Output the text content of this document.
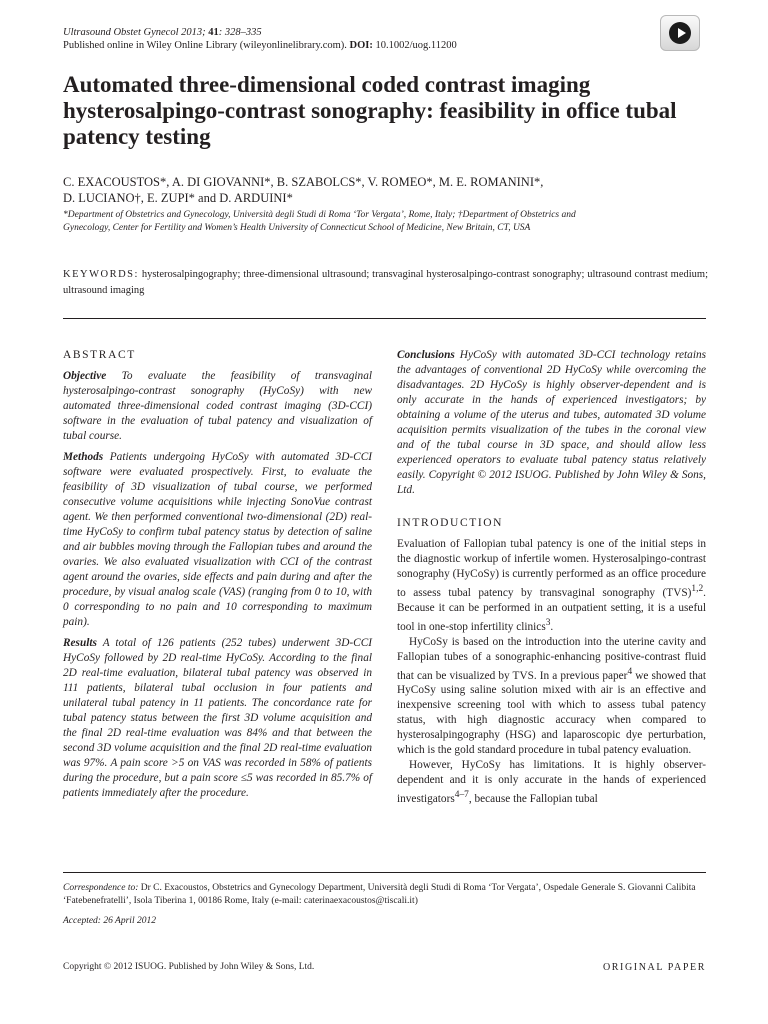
Ultrasound Obstet Gynecol 2013; 41: 328–335
Published online in Wiley Online Library (wileyonlinelibrary.com). DOI: 10.1002/uog.11200
Automated three-dimensional coded contrast imaging hysterosalpingo-contrast sonography: feasibility in office tubal patency testing
C. EXACOUSTOS*, A. DI GIOVANNI*, B. SZABOLCS*, V. ROMEO*, M. E. ROMANINI*,
D. LUCIANO†, E. ZUPI* and D. ARDUINI*
*Department of Obstetrics and Gynecology, Università degli Studi di Roma ‘Tor Vergata’, Rome, Italy; †Department of Obstetrics and
Gynecology, Center for Fertility and Women’s Health University of Connecticut School of Medicine, New Britain, CT, USA
KEYWORDS: hysterosalpingography; three-dimensional ultrasound; transvaginal hysterosalpingo-contrast sonography; ultrasound contrast medium; ultrasound imaging
ABSTRACT

Objective To evaluate the feasibility of transvaginal hysterosalpingo-contrast sonography (HyCoSy) with new automated three-dimensional coded contrast imaging (3D-CCI) software in the evaluation of tubal patency and visualization of tubal course.

Methods Patients undergoing HyCoSy with automated 3D-CCI software were evaluated prospectively. First, to evaluate the feasibility of 3D visualization of tubal course, we performed consecutive volume acquisitions while injecting SonoVue contrast agent. We then performed conventional two-dimensional (2D) real-time HyCoSy to confirm tubal patency status by detection of saline and air bubbles moving through the Fallopian tubes and around the ovaries. We also evaluated visualization with CCI of the contrast agent around the ovaries, side effects and pain during and after the procedure, by visual analog scale (VAS) (ranging from 0 to 10, with 0 corresponding to no pain and 10 corresponding to maximum pain).

Results A total of 126 patients (252 tubes) underwent 3D-CCI HyCoSy followed by 2D real-time HyCoSy. According to the final 2D real-time evaluation, bilateral tubal patency was observed in 111 patients, bilateral tubal occlusion in four patients and unilateral tubal patency in 11 patients. The concordance rate for tubal patency status between the first 3D volume acquisition and the final 2D real-time evaluation was 84% and that between the second 3D volume acquisition and the final 2D real-time evaluation was 97%. A pain score >5 on VAS was recorded in 58% of patients during the procedure, but a pain score ≤5 was recorded in 85.7% of patients immediately after the procedure.

Conclusions HyCoSy with automated 3D-CCI technology retains the advantages of conventional 2D HyCoSy while overcoming the disadvantages. 2D HyCoSy is highly observer-dependent and is only accurate in the hands of experienced investigators; by obtaining a volume of the uterus and tubes, automated 3D volume acquisition permits visualization of the tubes in the coronal view and of the tubal course in 3D space, and should allow less experienced operators to evaluate tubal patency status relatively easily. Copyright © 2012 ISUOG. Published by John Wiley & Sons, Ltd.

INTRODUCTION

Evaluation of Fallopian tubal patency is one of the initial steps in the diagnostic workup of infertile women. Hysterosalpingo-contrast sonography (HyCoSy) is currently performed as an office procedure to assess tubal patency by transvaginal sonography (TVS)$^{1,2}$. Because it can be performed in an outpatient setting, it is a useful tool in one-stop infertility clinics$^3$.

HyCoSy is based on the introduction into the uterine cavity and Fallopian tubes of a sonographic-enhancing positive-contrast fluid that can be visualized by TVS. In a previous paper$^4$ we showed that HyCoSy using saline solution mixed with air is an effective and inexpensive screening tool with which to assess tubal patency status, with high diagnostic accuracy when compared to hysterosalpingography (HSG) and laparoscopic dye perturbation, which is the gold standard procedure in tubal patency evaluation.

However, HyCoSy has limitations. It is highly observer-dependent and it is only accurate in the hands of experienced investigators$^{4-7}$, because the Fallopian tubal

Correspondence to: Dr C. Exacoustos, Obstetrics and Gynecology Department, Università degli Studi di Roma ‘Tor Vergata’, Ospedale Generale S. Giovanni Calibita ‘Fatebenefratelli’, Isola Tiberina 1, 00186 Rome, Italy (e-mail: caterinaexacoustos@tiscali.it)
Accepted: 26 April 2012
Copyright © 2012 ISUOG. Published by John Wiley & Sons, Ltd.	ORIGINAL PAPER
